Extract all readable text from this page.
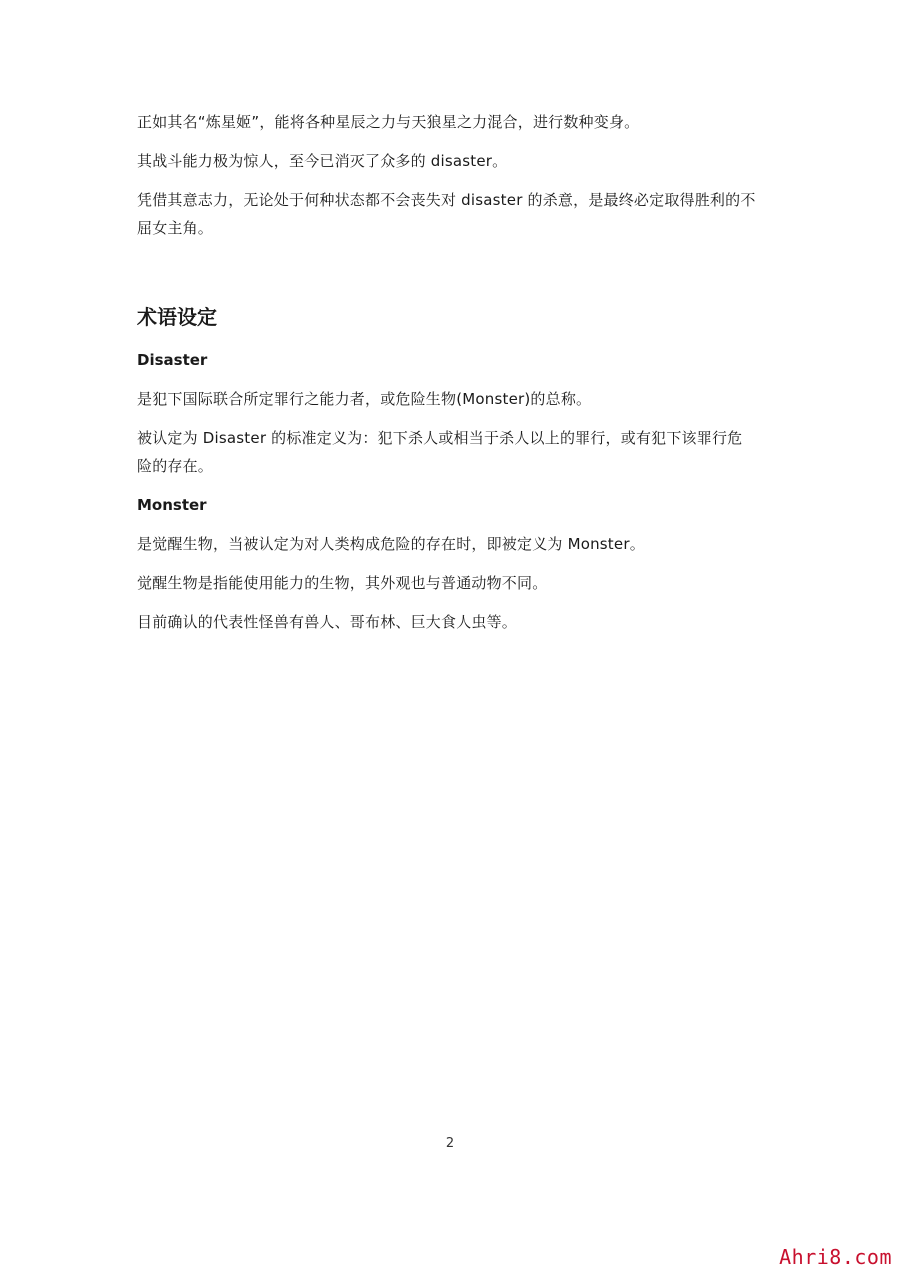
正如其名“炼星姬”，能将各种星辰之力与天狼星之力混合，进行数种变身。

其战斗能力极为惊人，至今已消灭了众多的 disaster。

凭借其意志力，无论处于何种状态都不会丧失对 disaster 的杀意，是最终必定取得胜利的不屈女主角。

术语设定
Disaster

是犯下国际联合所定罪行之能力者，或危险生物(Monster)的总称。

被认定为 Disaster 的标准定义为：犯下杀人或相当于杀人以上的罪行，或有犯下该罪行危险的存在。

Monster

是觉醒生物，当被认定为对人类构成危险的存在时，即被定义为 Monster。

觉醒生物是指能使用能力的生物，其外观也与普通动物不同。

目前确认的代表性怪兽有兽人、哥布林、巨大食人虫等。

2
Ahri8.com
